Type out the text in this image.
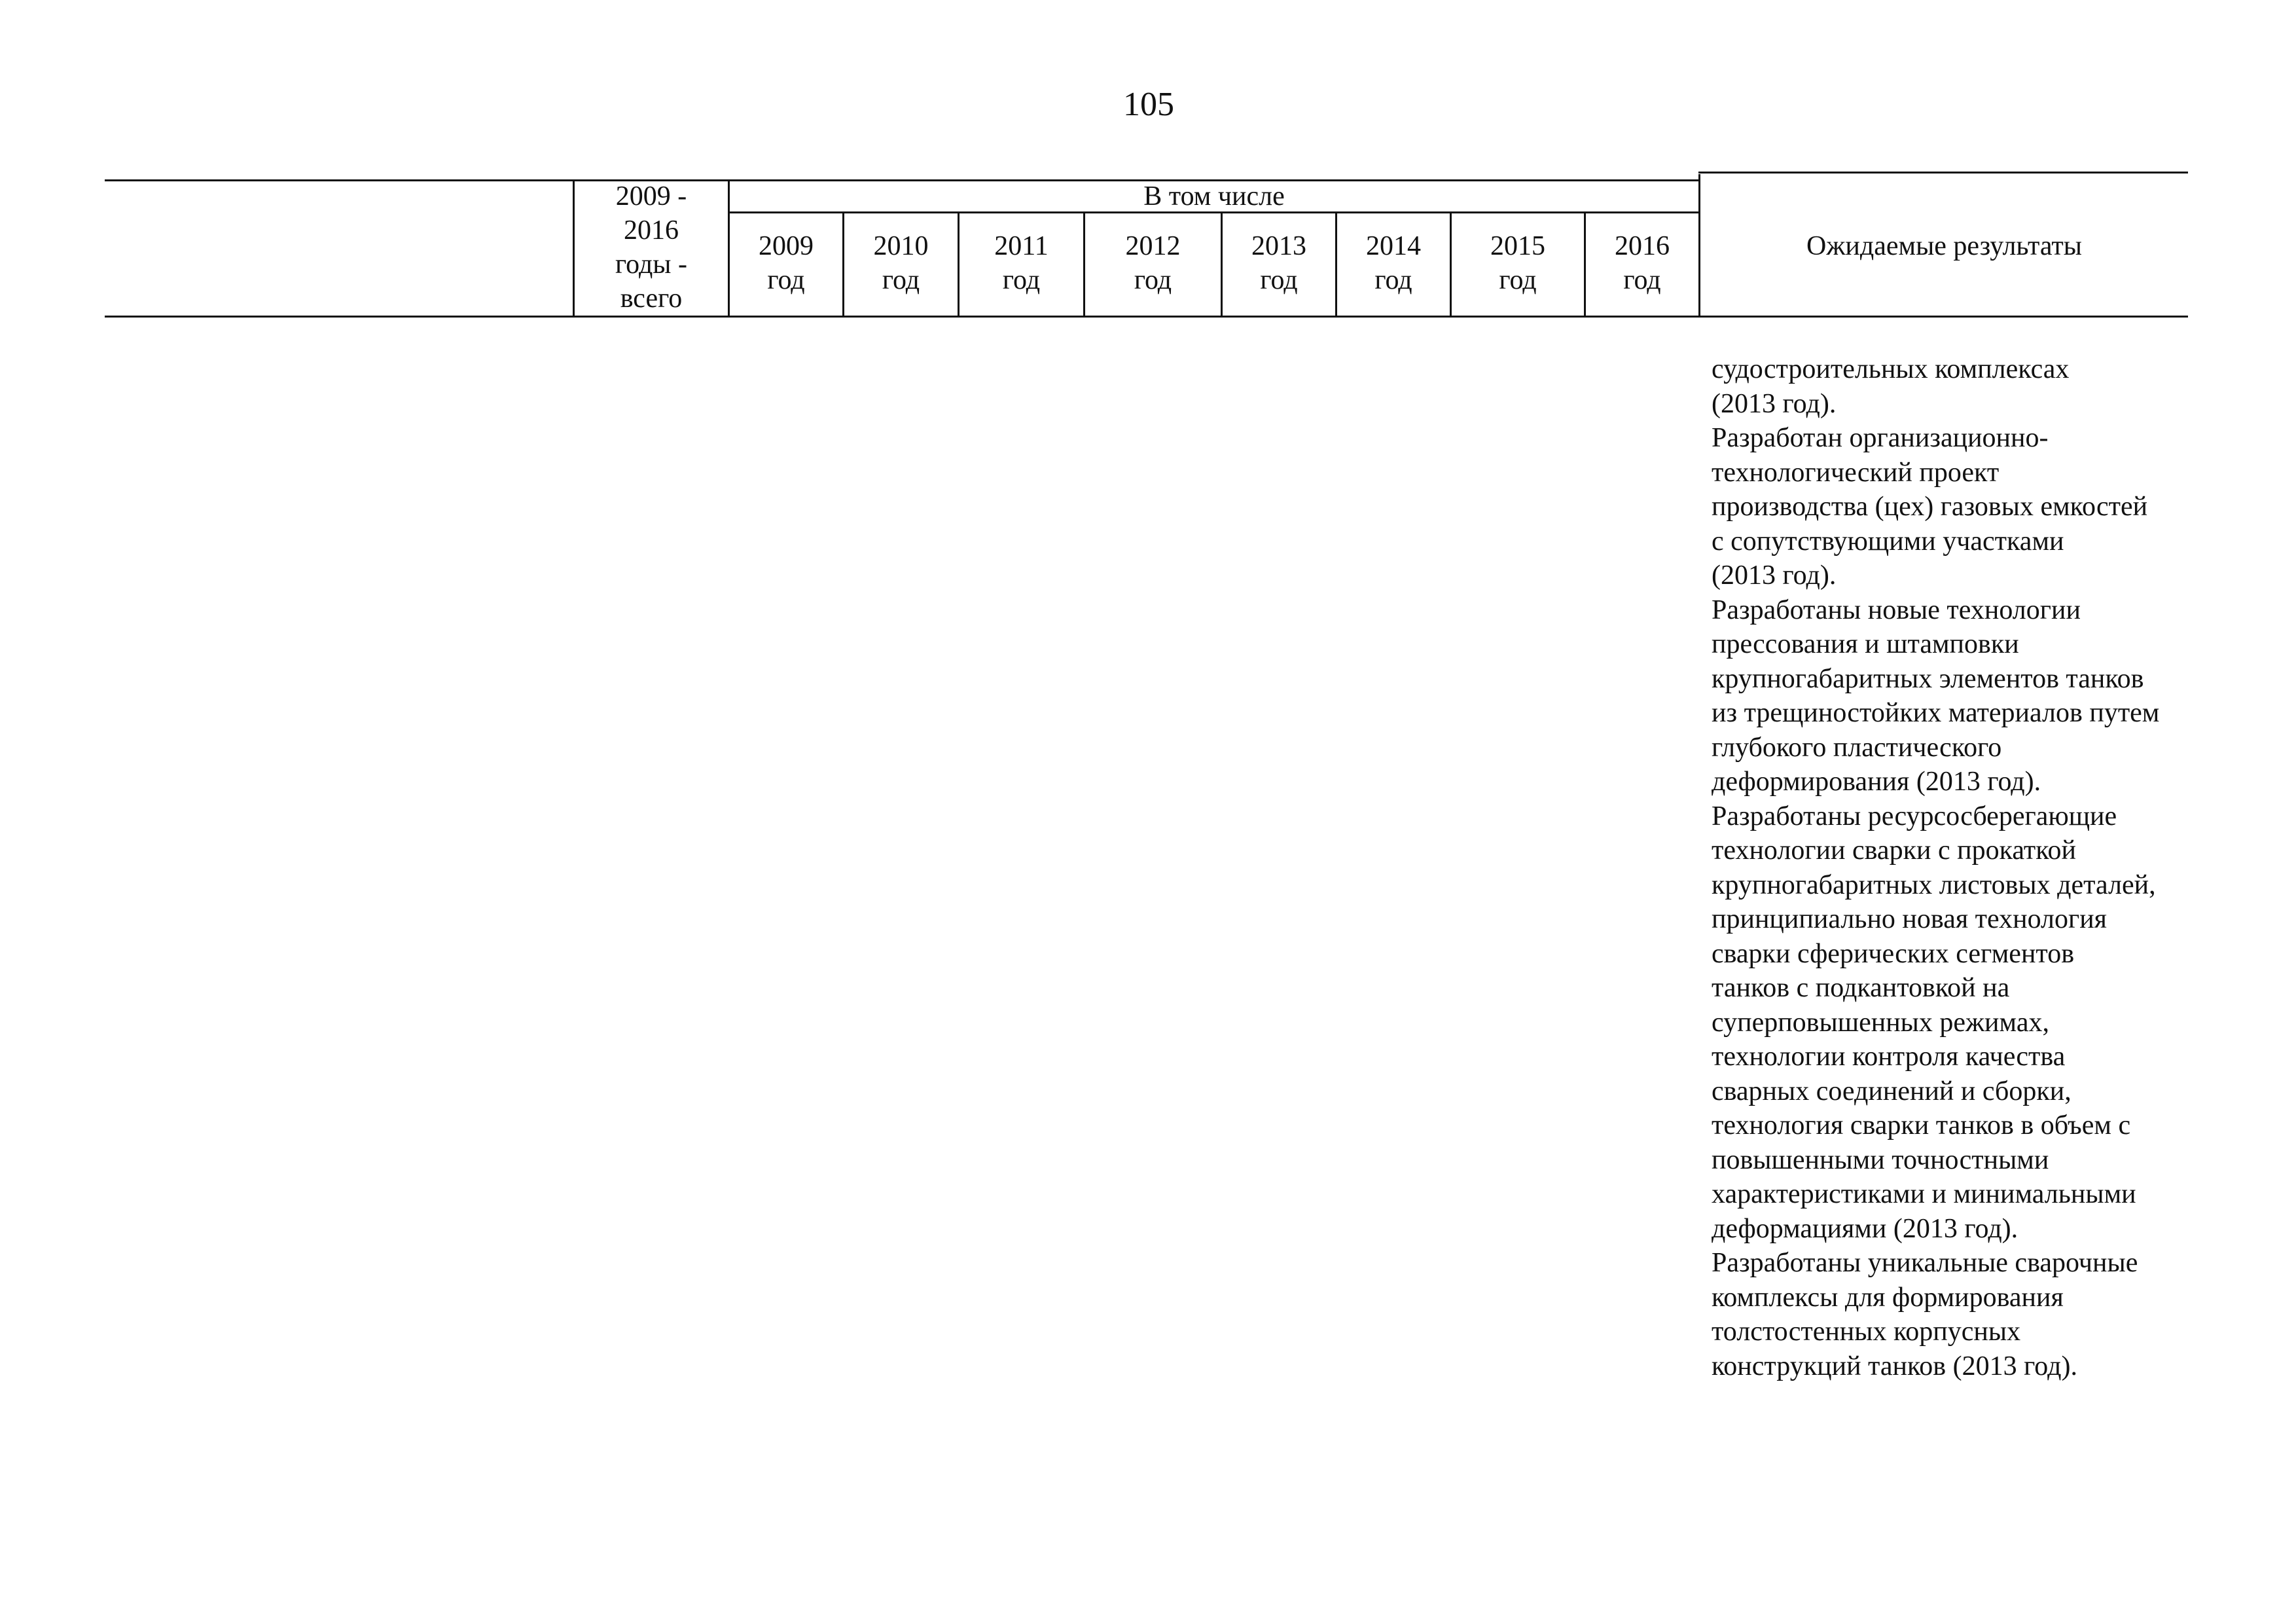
105
2009 -
2016
годы -
всего
В том числе
2009
год
2010
год
2011
год
2012
год
2013
год
2014
год
2015
год
2016
год
Ожидаемые результаты
судостроительных комплексах
(2013 год).
Разработан организационно-
технологический проект
производства (цех) газовых емкостей
с сопутствующими участками
(2013 год).
Разработаны новые технологии
прессования и штамповки
крупногабаритных элементов танков
из трещиностойких материалов путем
глубокого пластического
деформирования (2013 год).
Разработаны ресурсосберегающие
технологии сварки с прокаткой
крупногабаритных листовых деталей,
принципиально новая технология
сварки сферических сегментов
танков с подкантовкой на
суперповышенных режимах,
технологии контроля качества
сварных соединений и сборки,
технология сварки танков в объем с
повышенными точностными
характеристиками и минимальными
деформациями (2013 год).
Разработаны уникальные сварочные
комплексы для формирования
толстостенных корпусных
конструкций танков (2013 год).
